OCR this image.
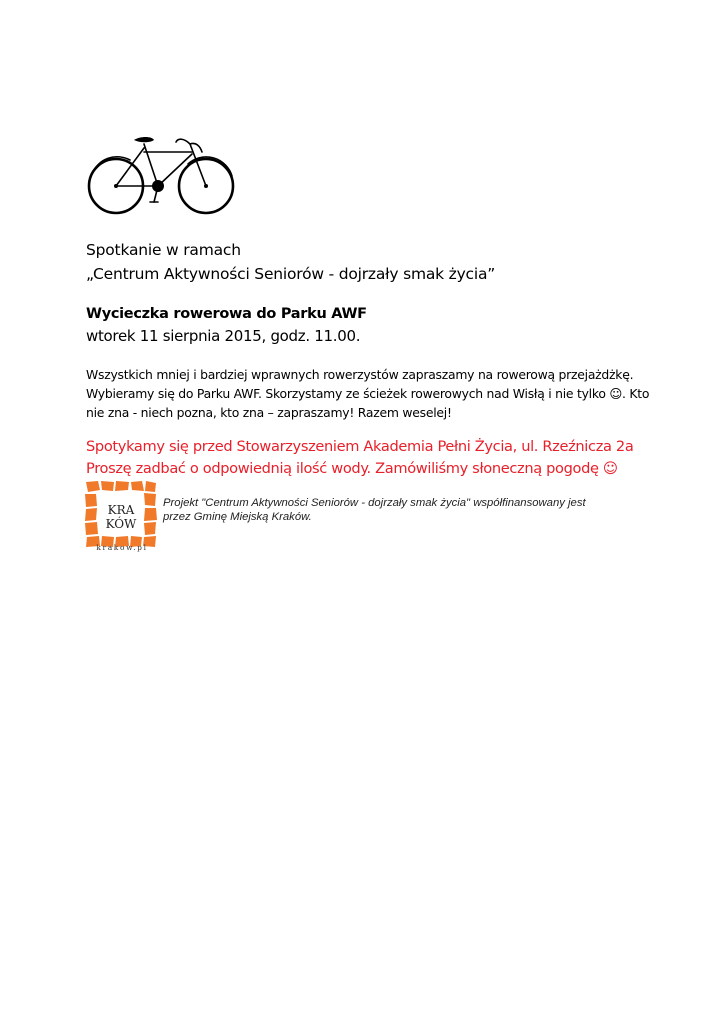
Spotkanie w ramach
„Centrum Aktywności Seniorów - dojrzały smak życia”
Wycieczka rowerowa do Parku AWF
wtorek 11 sierpnia 2015, godz. 11.00.
Wszystkich mniej i bardziej wprawnych rowerzystów zapraszamy na rowerową przejażdżkę.
Wybieramy się do Parku AWF. Skorzystamy ze ścieżek rowerowych nad Wisłą i nie tylko ☺. Kto
nie zna - niech pozna, kto zna – zapraszamy! Razem weselej!
Spotykamy się przed Stowarzyszeniem Akademia Pełni Życia, ul. Rzeźnicza 2a
Proszę zadbać o odpowiednią ilość wody. Zamówiliśmy słoneczną pogodę ☺
KRA
KÓW
krakow.pl
Projekt "Centrum Aktywności Seniorów - dojrzały smak życia" współfinansowany jest
przez Gminę Miejską Kraków.
